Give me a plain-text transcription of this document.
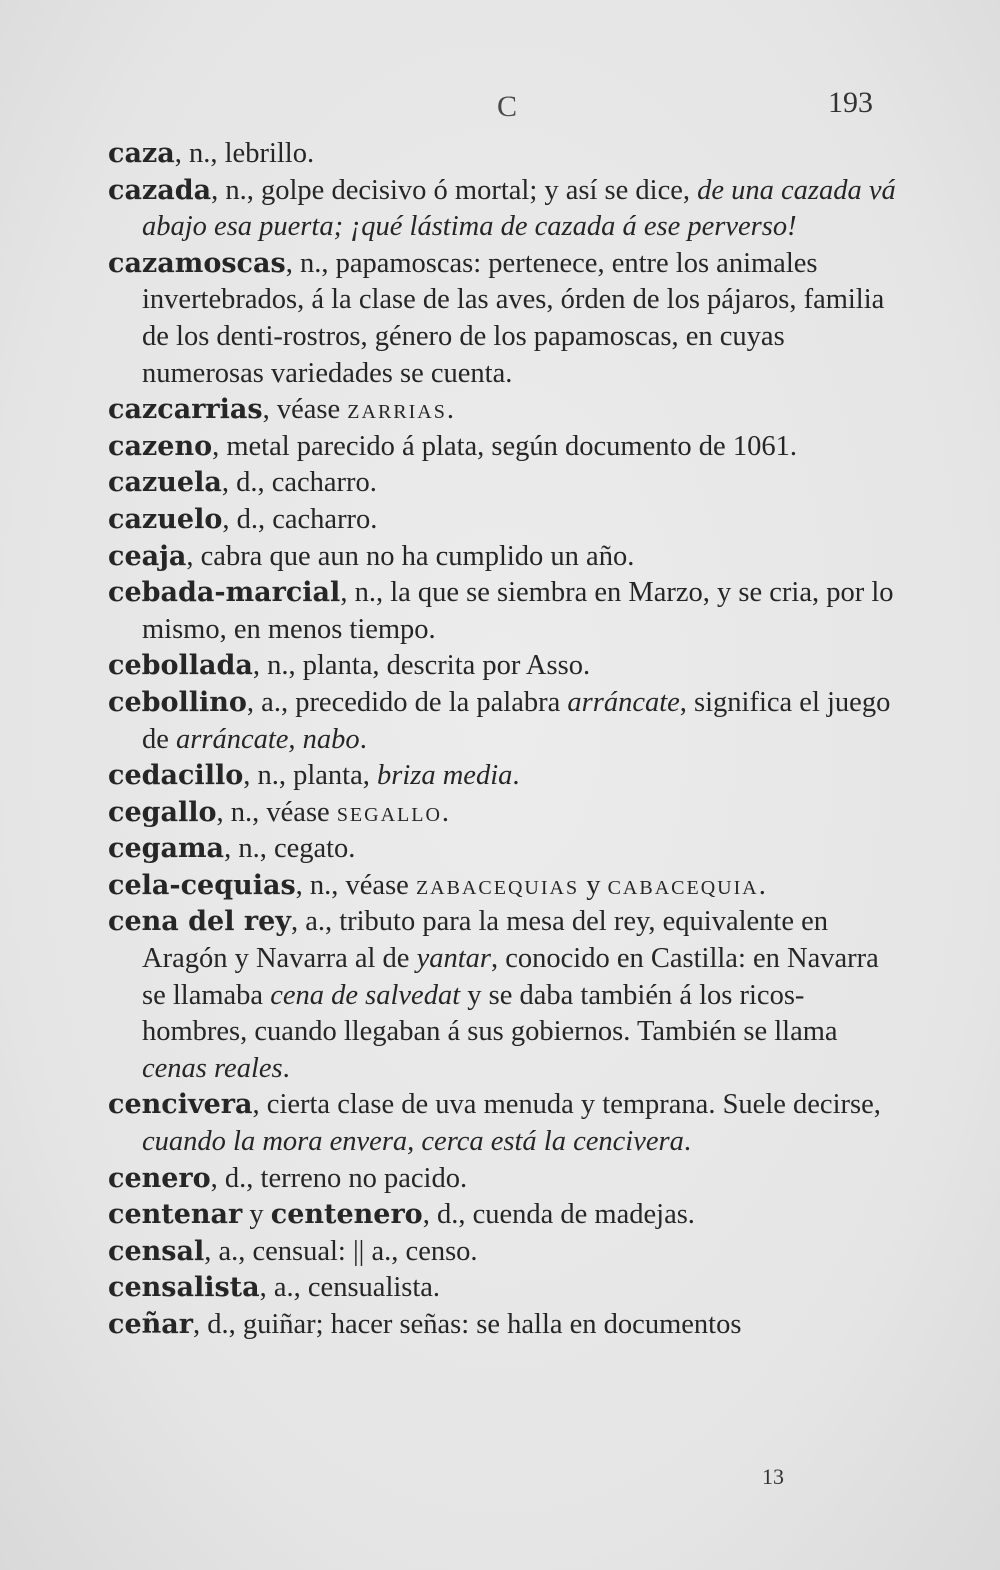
C	193

caza, n., lebrillo.

cazada, n., golpe decisivo ó mortal; y así se dice, de una cazada vá abajo esa puerta; ¡qué lástima de cazada á ese perverso!

cazamoscas, n., papamoscas: pertenece, entre los animales invertebrados, á la clase de las aves, órden de los pájaros, familia de los denti-rostros, género de los papamoscas, en cuyas numerosas variedades se cuenta.

cazcarrias, véase zarrias.

cazeno, metal parecido á plata, según documento de 1061.

cazuela, d., cacharro.

cazuelo, d., cacharro.

ceaja, cabra que aun no ha cumplido un año.

cebada-marcial, n., la que se siembra en Marzo, y se cria, por lo mismo, en menos tiempo.

cebollada, n., planta, descrita por Asso.

cebollino, a., precedido de la palabra arráncate, significa el juego de arráncate, nabo.

cedacillo, n., planta, briza media.

cegallo, n., véase segallo.

cegama, n., cegato.

cela-cequias, n., véase zabacequias y cabacequia.

cena del rey, a., tributo para la mesa del rey, equivalente en Aragón y Navarra al de yantar, conocido en Castilla: en Navarra se llamaba cena de salvedat y se daba también á los ricos-hombres, cuando llegaban á sus gobiernos. También se llama cenas reales.

cencivera, cierta clase de uva menuda y temprana. Suele decirse, cuando la mora envera, cerca está la cencivera.

cenero, d., terreno no pacido.

centenar y centenero, d., cuenda de madejas.

censal, a., censual: || a., censo.

censalista, a., censualista.

ceñar, d., guiñar; hacer señas: se halla en documentos

13
